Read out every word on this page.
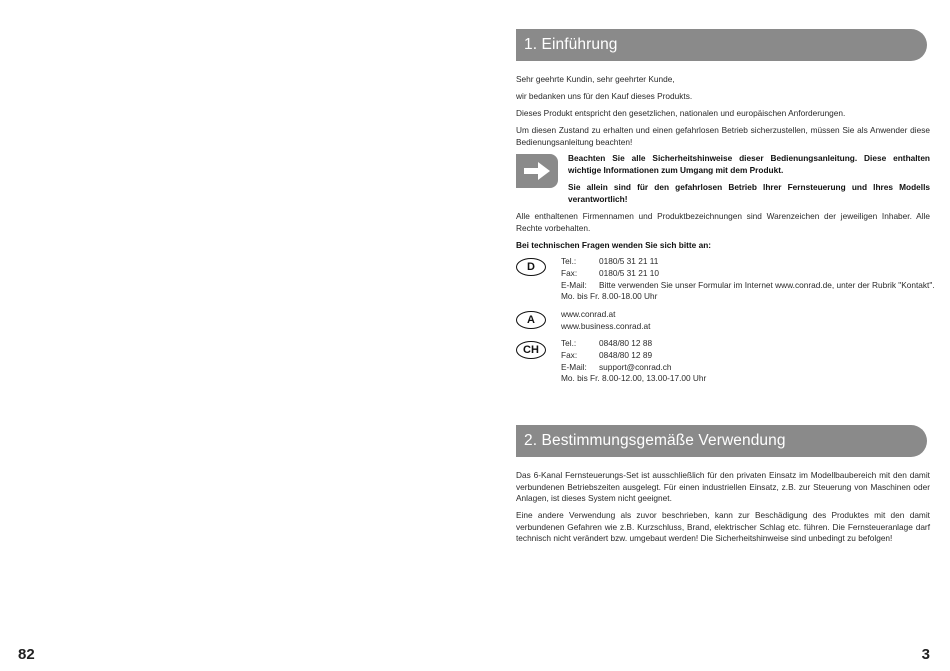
82	3
1. Einführung

Sehr geehrte Kundin, sehr geehrter Kunde,

wir bedanken uns für den Kauf dieses Produkts.

Dieses Produkt entspricht den gesetzlichen, nationalen und europäischen Anforderungen.

Um diesen Zustand zu erhalten und einen gefahrlosen Betrieb sicherzustellen, müssen Sie als Anwender diese Bedienungsanleitung beachten!

Beachten Sie alle Sicherheitshinweise dieser Bedienungsanleitung. Diese enthalten wichtige Informationen zum Umgang mit dem Produkt.

Sie allein sind für den gefahrlosen Betrieb Ihrer Fernsteuerung und Ihres Modells verantwortlich!

Alle enthaltenen Firmennamen und Produktbezeichnungen sind Warenzeichen der jeweiligen Inhaber. Alle Rechte vorbehalten.

Bei technischen Fragen wenden Sie sich bitte an:

D	Tel.:	0180/5 31 21 11
Fax:	0180/5 31 21 10
E-Mail: Bitte verwenden Sie unser Formular im Internet www.conrad.de, unter der Rubrik "Kontakt".
Mo. bis Fr. 8.00-18.00 Uhr
A	www.conrad.at
www.business.conrad.at
CH
Tel.:	0848/80 12 88
Fax:	0848/80 12 89
E-Mail: support@conrad.ch
Mo. bis Fr. 8.00-12.00, 13.00-17.00 Uhr
2. Bestimmungsgemäße Verwendung

Das 6-Kanal Fernsteuerungs-Set ist ausschließlich für den privaten Einsatz im Modellbaubereich mit den damit verbundenen Betriebszeiten ausgelegt. Für einen industriellen Einsatz, z.B. zur Steuerung von Maschinen oder Anlagen, ist dieses System nicht geeignet.

Eine andere Verwendung als zuvor beschrieben, kann zur Beschädigung des Produktes mit den damit verbundenen Gefahren wie z.B. Kurzschluss, Brand, elektrischer Schlag etc. führen. Die Fernsteueranlage darf technisch nicht verändert bzw. umgebaut werden! Die Sicherheitshinweise sind unbedingt zu befolgen!
